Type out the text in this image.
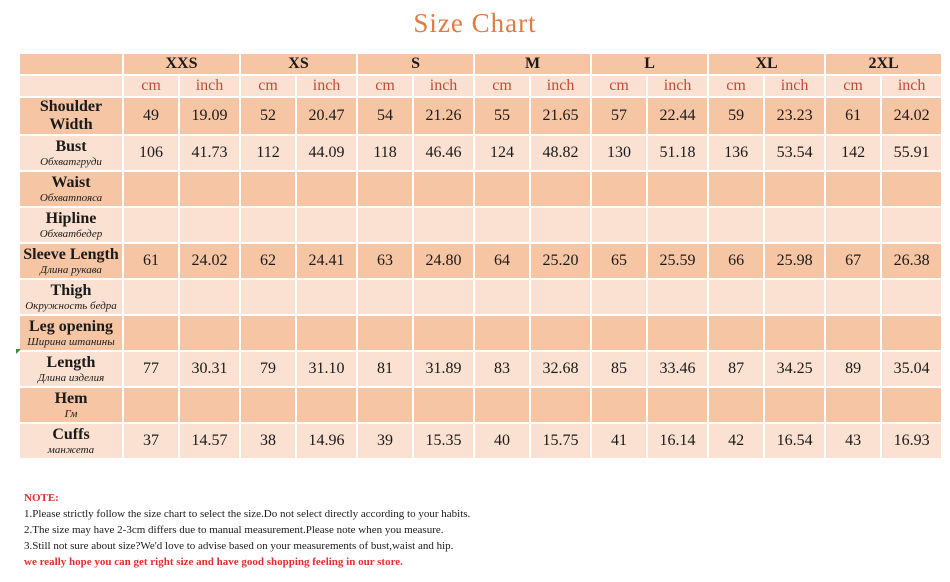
Size Chart
	XXS		XS		S		M		L		XL		2XL	
	cm	inch	cm	inch	cm	inch	cm	inch	cm	inch	cm	inch	cm	inch

Shoulder
Width	49	19.09	52	20.47	54	21.26	55	21.65	57	22.44	59	23.23	61	24.02

Bust
Обхватгруди	106	41.73	112	44.09	118	46.46	124	48.82	130	51.18	136	53.54	142	55.91

Waist
Обхватпояса														

Hipline
Обхватбедер														

Sleeve Length
Длина рукава	61	24.02	62	24.41	63	24.80	64	25.20	65	25.59	66	25.98	67	26.38

Thigh
Окружность бедра														

Leg opening
Ширина штанины														

Length
Длина изделия	77	30.31	79	31.10	81	31.89	83	32.68	85	33.46	87	34.25	89	35.04

Hem
Гм														

Cuffs
манжета	37	14.57	38	14.96	39	15.35	40	15.75	41	16.14	42	16.54	43	16.93
NOTE:
1.Please strictly follow the size chart to select the size.Do not select directly according to your habits.
2.The size may have 2-3cm differs due to manual measurement.Please note when you measure.
3.Still not sure about size?We'd love to advise based on your measurements of bust,waist and hip.
we really hope you can get right size and have good shopping feeling in our store.
